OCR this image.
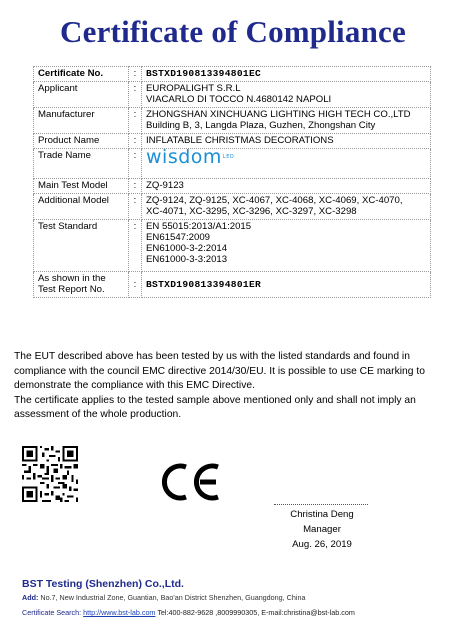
Certificate of Compliance
Certificate No.	:	BSTXD190813394801EC
Applicant	:	EUROPALIGHT S.R.L
VIACARLO DI TOCCO N.4680142 NAPOLI

Manufacturer	:	ZHONGSHAN XINCHUANG LIGHTING HIGH TECH CO.,LTD
Building B, 3, Langda Plaza, Guzhen, Zhongshan City

Product Name	:	INFLATABLE CHRISTMAS DECORATIONS
Trade Name	:	wisdomLED
Main Test Model	:	ZQ-9123
Additional Model	:	ZQ-9124, ZQ-9125, XC-4067, XC-4068, XC-4069, XC-4070,
XC-4071, XC-3295, XC-3296, XC-3297, XC-3298

Test Standard	:	EN 55015:2013/A1:2015
EN61547:2009
EN61000-3-2:2014
EN61000-3-3:2013

As shown in the
Test Report No.	:	BSTXD190813394801ER

The EUT described above has been tested by us with the listed standards and found in compliance with the council EMC directive 2014/30/EU. It is possible to use CE marking to demonstrate the compliance with this EMC Directive.

The certificate applies to the tested sample above mentioned only and shall not imply an assessment of the whole production.

Christina Deng
Manager
Aug. 26, 2019
BST Testing (Shenzhen) Co.,Ltd.
Add: No.7, New Industrial Zone, Guantian, Bao'an District Shenzhen, Guangdong, China
Certificate Search: http://www.bst-lab.com Tel:400-882-9628 ,8009990305, E-mail:christina@bst-lab.com
